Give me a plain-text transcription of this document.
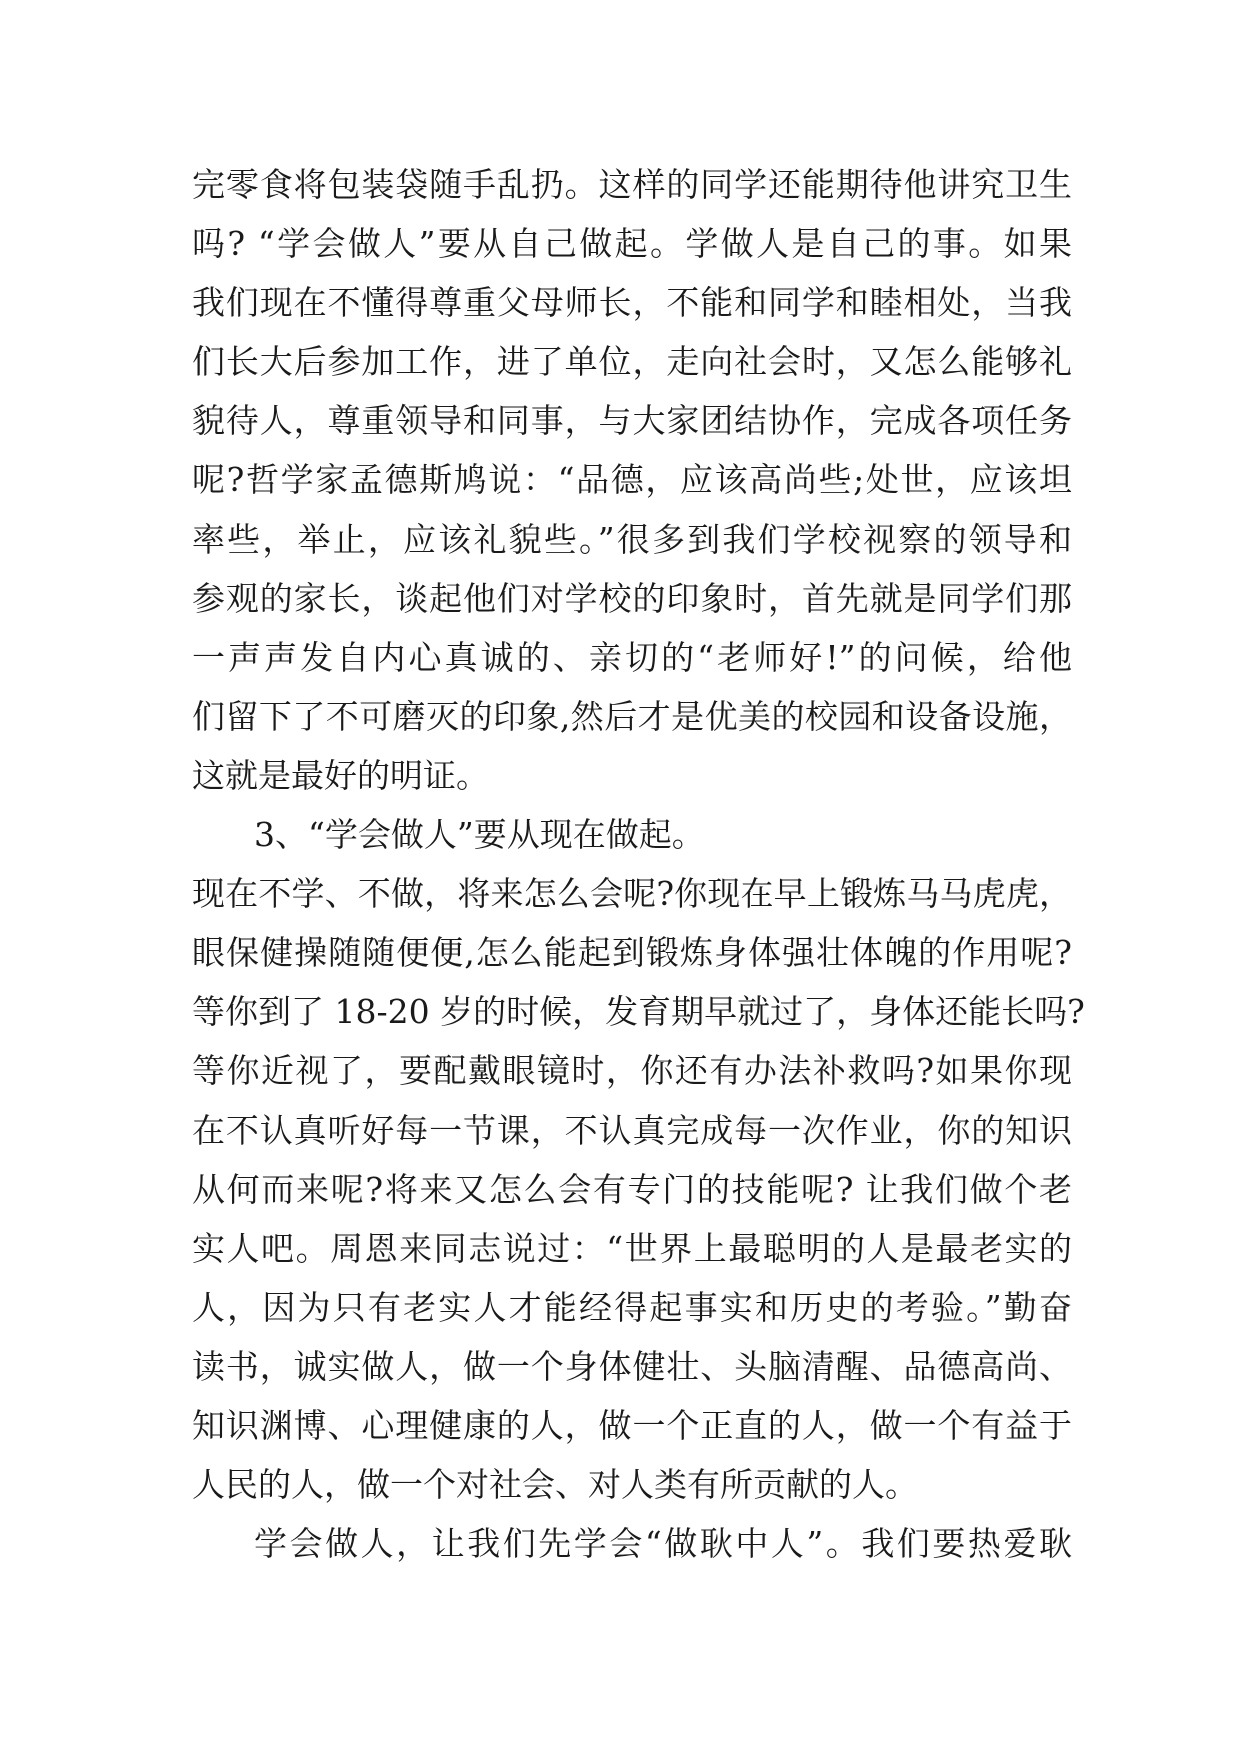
完零食将包装袋随手乱扔。这样的同学还能期待他讲究卫生
吗? “学会做人”要从自己做起。学做人是自己的事。如果
我们现在不懂得尊重父母师长，不能和同学和睦相处，当我
们长大后参加工作，进了单位，走向社会时，又怎么能够礼
貌待人，尊重领导和同事，与大家团结协作，完成各项任务
呢?哲学家孟德斯鸠说：“品德，应该高尚些;处世，应该坦
率些，举止，应该礼貌些。”很多到我们学校视察的领导和
参观的家长，谈起他们对学校的印象时，首先就是同学们那
一声声发自内心真诚的、亲切的“老师好!”的问候，给他
们留下了不可磨灭的印象,然后才是优美的校园和设备设施，
这就是最好的明证。
3、“学会做人”要从现在做起。
现在不学、不做，将来怎么会呢?你现在早上锻炼马马虎虎，
眼保健操随随便便,怎么能起到锻炼身体强壮体魄的作用呢?
等你到了 18-20 岁的时候，发育期早就过了，身体还能长吗?
等你近视了，要配戴眼镜时，你还有办法补救吗?如果你现
在不认真听好每一节课，不认真完成每一次作业，你的知识
从何而来呢?将来又怎么会有专门的技能呢? 让我们做个老
实人吧。周恩来同志说过：“世界上最聪明的人是最老实的
人，因为只有老实人才能经得起事实和历史的考验。”勤奋
读书，诚实做人，做一个身体健壮、头脑清醒、品德高尚、
知识渊博、心理健康的人，做一个正直的人，做一个有益于
人民的人，做一个对社会、对人类有所贡献的人。
学会做人，让我们先学会“做耿中人”。我们要热爱耿
